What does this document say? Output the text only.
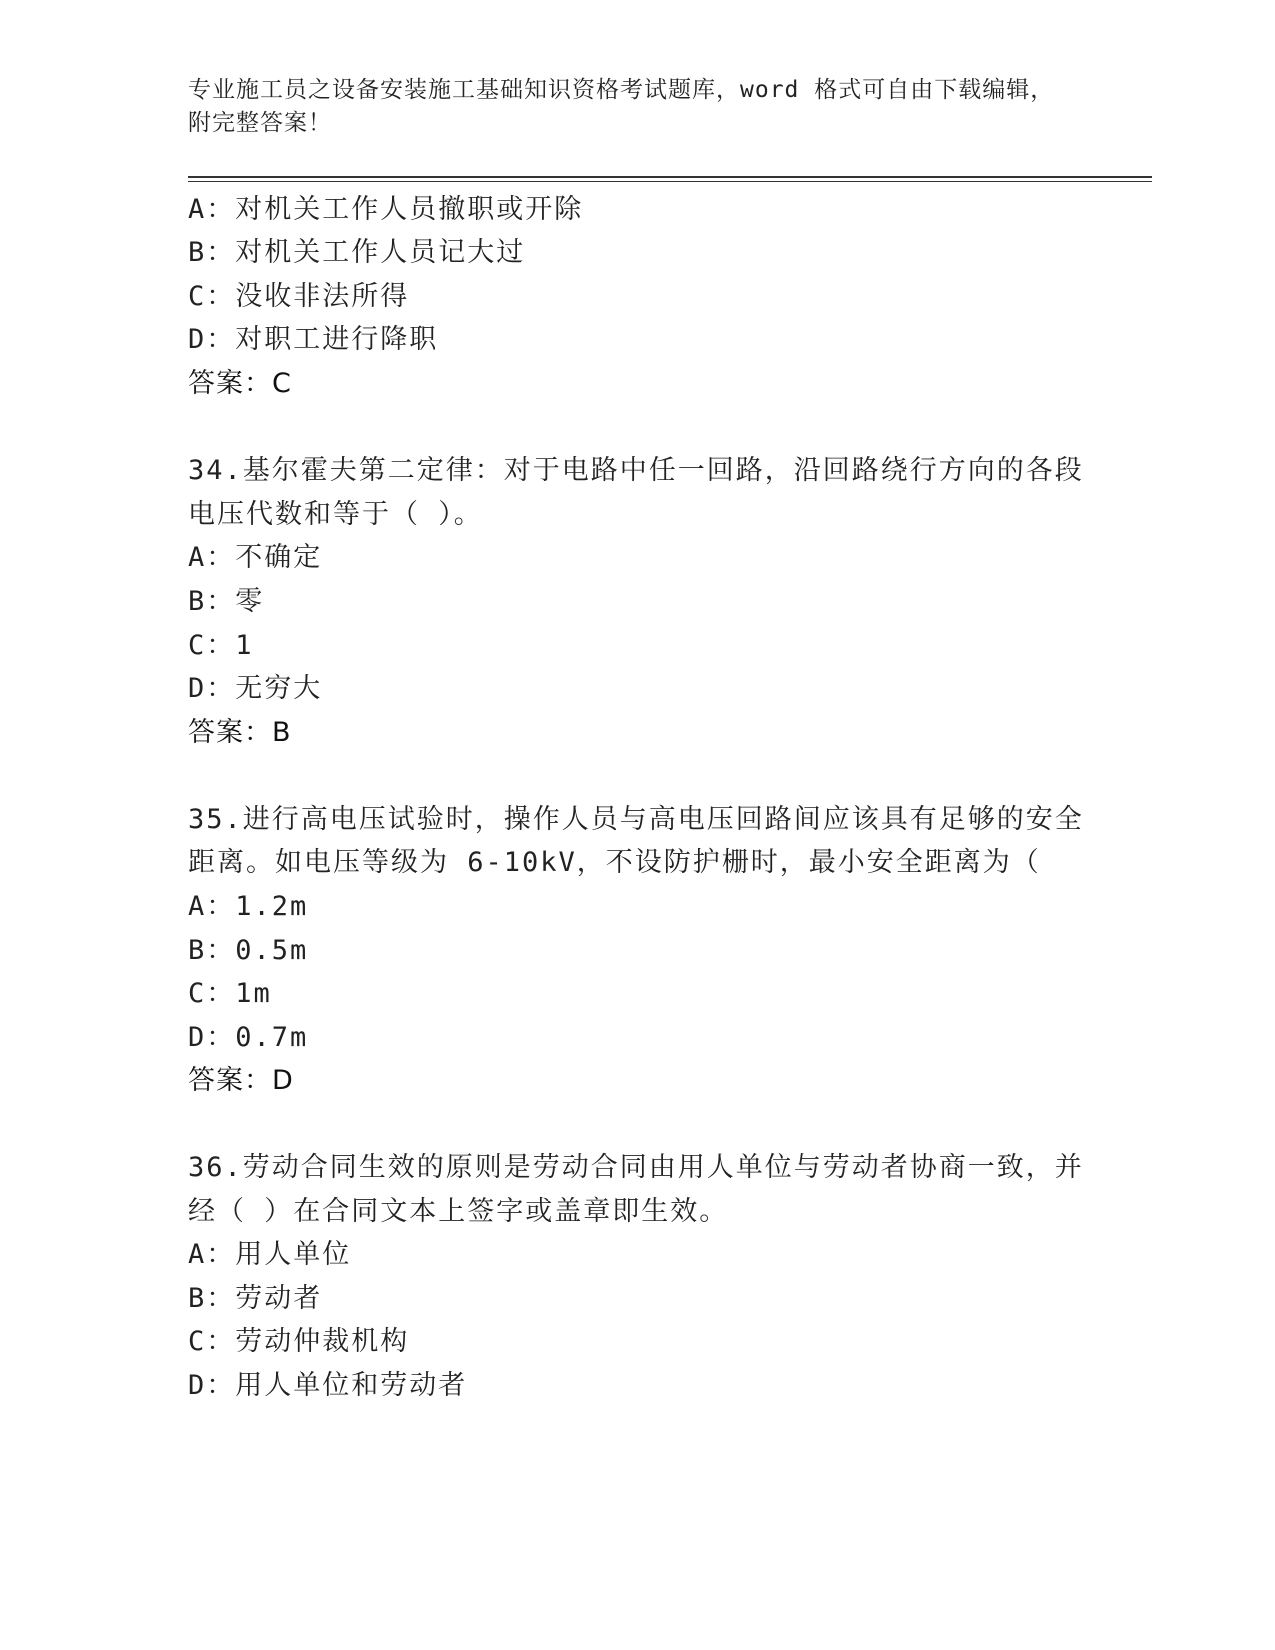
专业施工员之设备安装施工基础知识资格考试题库，word 格式可自由下载编辑，
附完整答案！
A：对机关工作人员撤职或开除
B：对机关工作人员记大过
C：没收非法所得
D：对职工进行降职
答案：C
34.基尔霍夫第二定律：对于电路中任一回路，沿回路绕行方向的各段
电压代数和等于（ ）。
A：不确定
B：零
C：1
D：无穷大
答案：B
35.进行高电压试验时，操作人员与高电压回路间应该具有足够的安全
距离。如电压等级为 6-10kV，不设防护栅时，最小安全距离为（
A：1.2m
B：0.5m
C：1m
D：0.7m
答案：D
36.劳动合同生效的原则是劳动合同由用人单位与劳动者协商一致，并
经（ ）在合同文本上签字或盖章即生效。
A：用人单位
B：劳动者
C：劳动仲裁机构
D：用人单位和劳动者
